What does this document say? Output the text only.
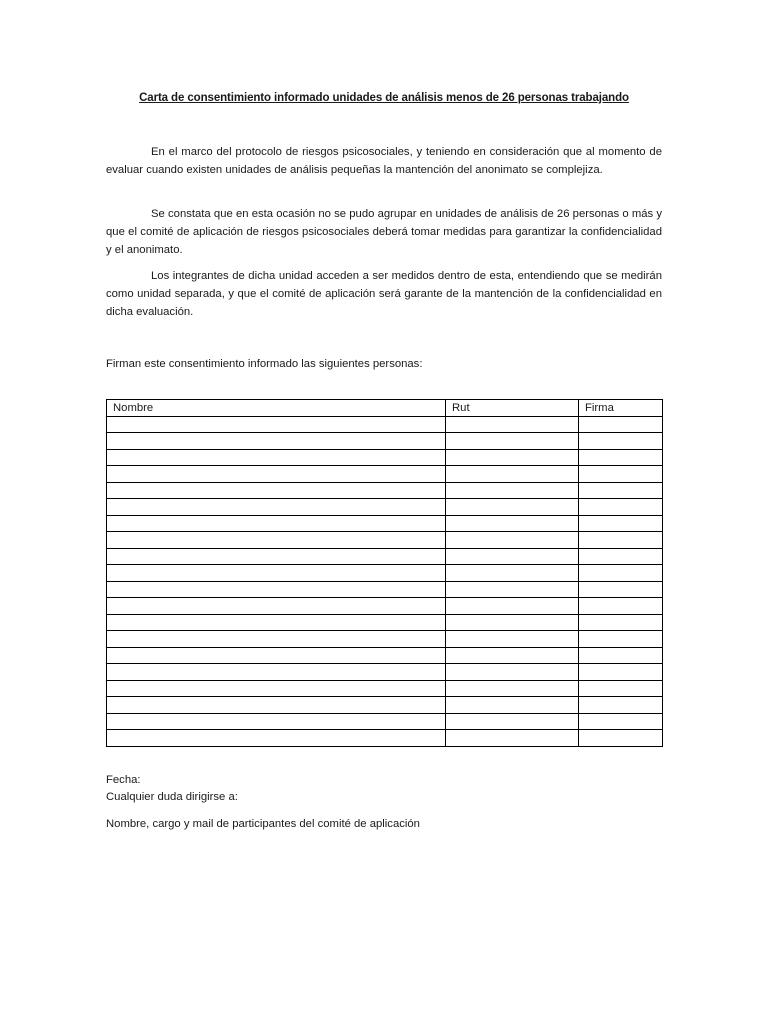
Carta de consentimiento informado unidades de análisis menos de 26 personas trabajando

En el marco del protocolo de riesgos psicosociales, y teniendo en consideración que al momento de evaluar cuando existen unidades de análisis pequeñas la mantención del anonimato se complejiza.

Se constata que en esta ocasión no se pudo agrupar en unidades de análisis de 26 personas o más y que el comité de aplicación de riesgos psicosociales deberá tomar medidas para garantizar la confidencialidad y el anonimato.

Los integrantes de dicha unidad acceden a ser medidos dentro de esta, entendiendo que se medirán como unidad separada, y que el comité de aplicación será garante de la mantención de la confidencialidad en dicha evaluación.

Firman este consentimiento informado las siguientes personas:

Nombre	Rut	Firma

Fecha:

Cualquier duda dirigirse a:

Nombre, cargo y mail de participantes del comité de aplicación
